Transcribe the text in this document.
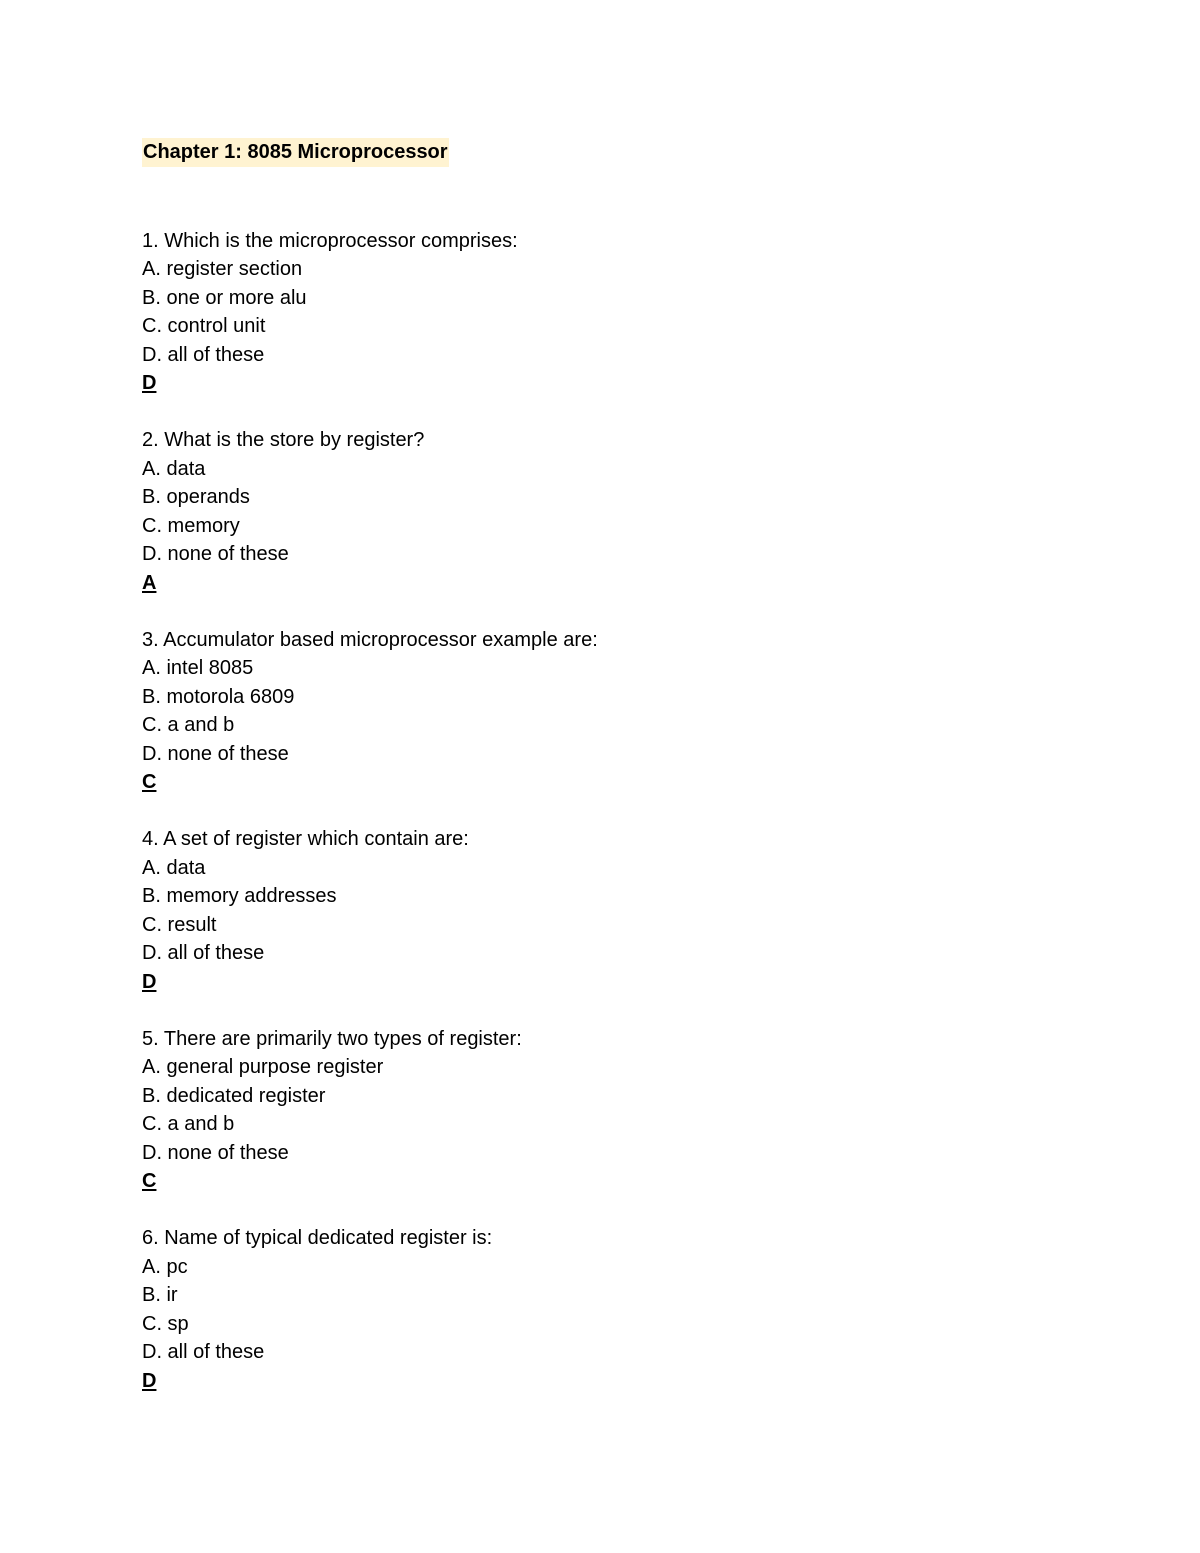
Chapter 1: 8085 Microprocessor
1. Which is the microprocessor comprises:
A. register section
B. one or more alu
C. control unit
D. all of these
D
2. What is the store by register?
A. data
B. operands
C. memory
D. none of these
A
3. Accumulator based microprocessor example are:
A. intel 8085
B. motorola 6809
C. a and b
D. none of these
C
4. A set of register which contain are:
A. data
B. memory addresses
C. result
D. all of these
D
5. There are primarily two types of register:
A. general purpose register
B. dedicated register
C. a and b
D. none of these
C
6. Name of typical dedicated register is:
A. pc
B. ir
C. sp
D. all of these
D
